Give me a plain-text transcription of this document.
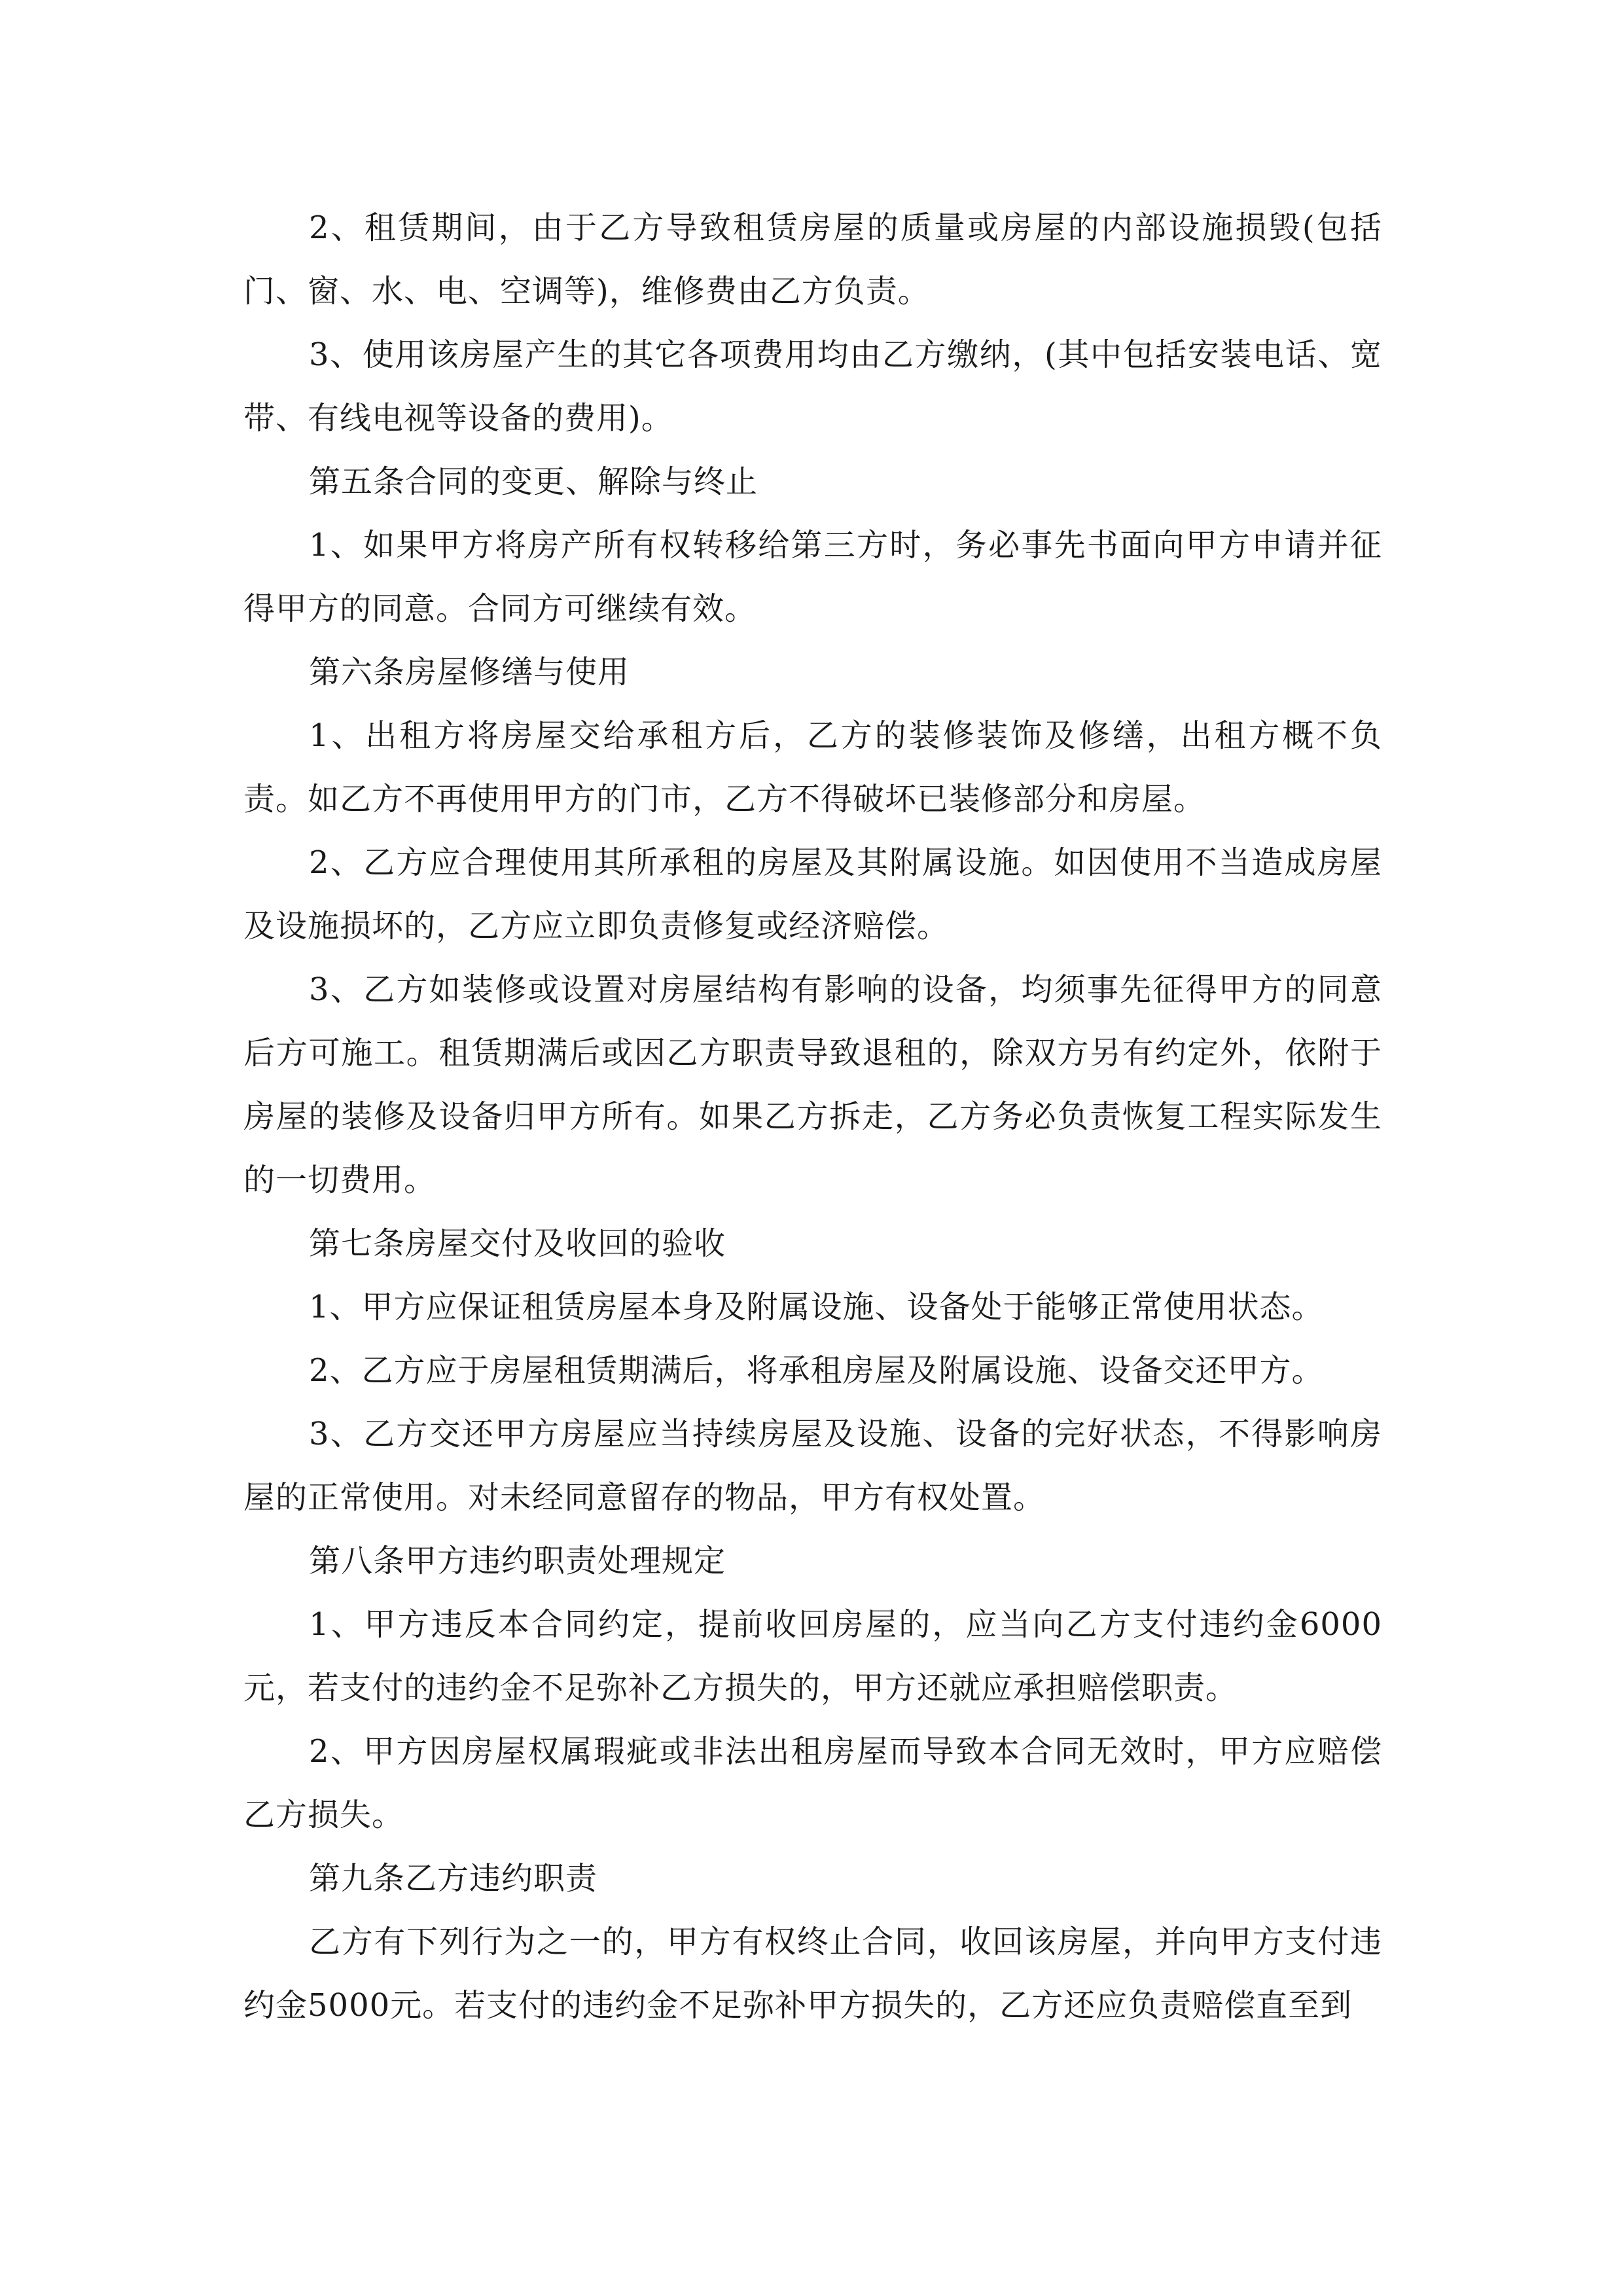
2、租赁期间，由于乙方导致租赁房屋的质量或房屋的内部设施损毁(包括门、窗、水、电、空调等)，维修费由乙方负责。

3、使用该房屋产生的其它各项费用均由乙方缴纳，(其中包括安装电话、宽带、有线电视等设备的费用)。

第五条合同的变更、解除与终止

1、如果甲方将房产所有权转移给第三方时，务必事先书面向甲方申请并征得甲方的同意。合同方可继续有效。

第六条房屋修缮与使用

1、出租方将房屋交给承租方后，乙方的装修装饰及修缮，出租方概不负责。如乙方不再使用甲方的门市，乙方不得破坏已装修部分和房屋。

2、乙方应合理使用其所承租的房屋及其附属设施。如因使用不当造成房屋及设施损坏的，乙方应立即负责修复或经济赔偿。

3、乙方如装修或设置对房屋结构有影响的设备，均须事先征得甲方的同意后方可施工。租赁期满后或因乙方职责导致退租的，除双方另有约定外，依附于房屋的装修及设备归甲方所有。如果乙方拆走，乙方务必负责恢复工程实际发生的一切费用。

第七条房屋交付及收回的验收

1、甲方应保证租赁房屋本身及附属设施、设备处于能够正常使用状态。

2、乙方应于房屋租赁期满后，将承租房屋及附属设施、设备交还甲方。

3、乙方交还甲方房屋应当持续房屋及设施、设备的完好状态，不得影响房屋的正常使用。对未经同意留存的物品，甲方有权处置。

第八条甲方违约职责处理规定

1、甲方违反本合同约定，提前收回房屋的，应当向乙方支付违约金6000元，若支付的违约金不足弥补乙方损失的，甲方还就应承担赔偿职责。

2、甲方因房屋权属瑕疵或非法出租房屋而导致本合同无效时，甲方应赔偿乙方损失。

第九条乙方违约职责

乙方有下列行为之一的，甲方有权终止合同，收回该房屋，并向甲方支付违约金5000元。若支付的违约金不足弥补甲方损失的，乙方还应负责赔偿直至到
